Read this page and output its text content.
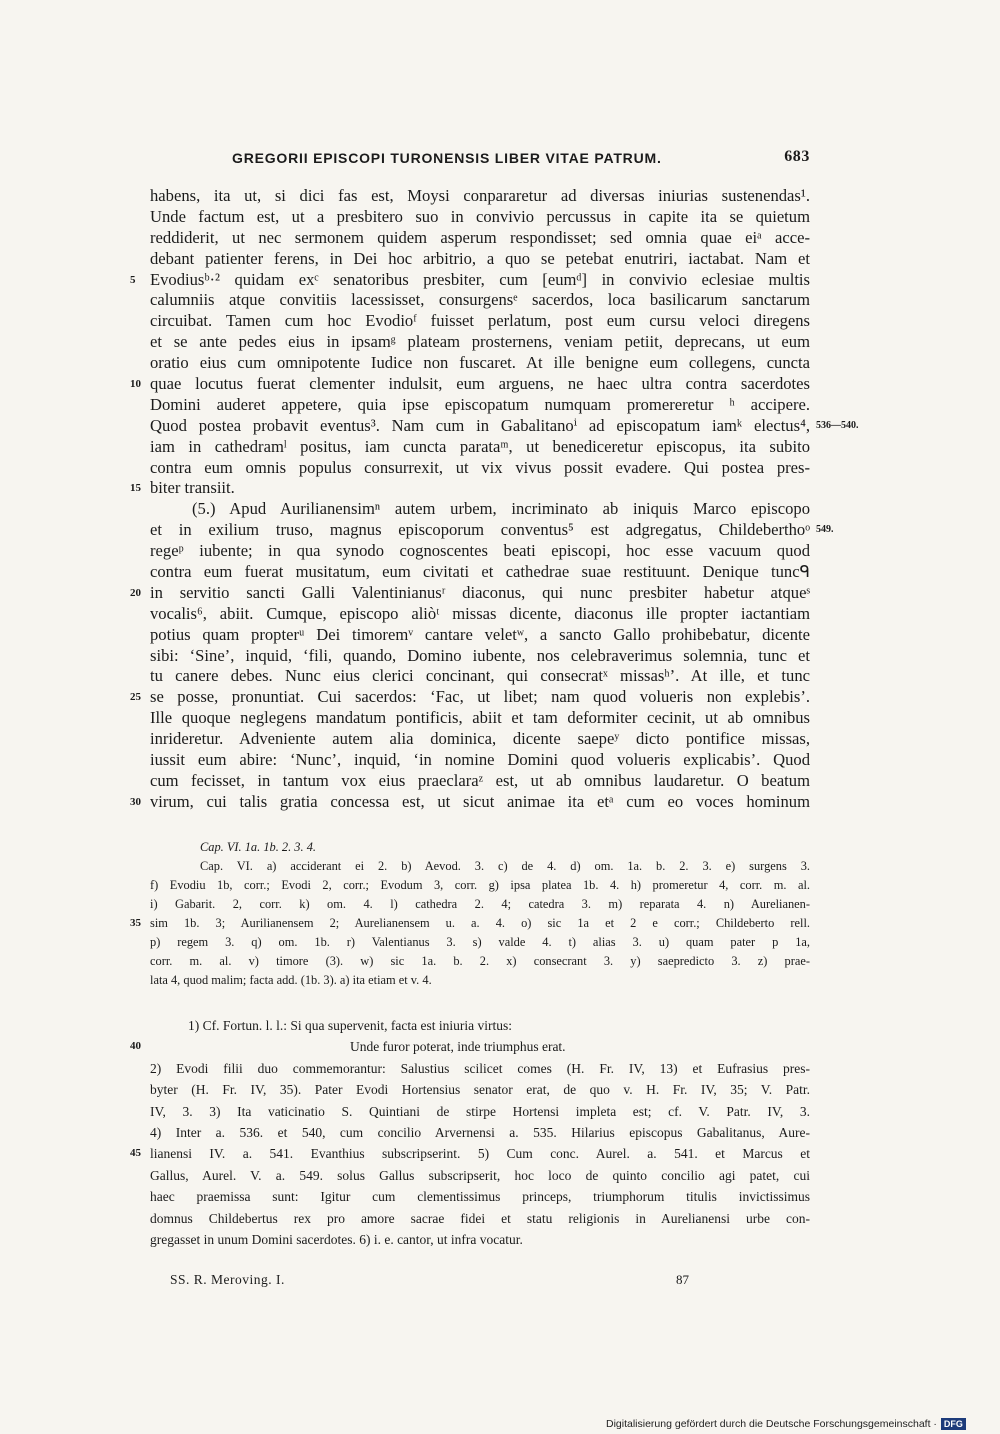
GREGORII EPISCOPI TURONENSIS LIBER VITAE PATRUM.	683
habens, ita ut, si dici fas est, Moysi conpararetur ad diversas iniurias sustenendas¹.
Unde factum est, ut a presbitero suo in convivio percussus in capite ita se quietum
reddiderit, ut nec sermonem quidem asperum respondisset; sed omnia quae eiᵃ acce-
debant patienter ferens, in Dei hoc arbitrio, a quo se petebat enutriri, iactabat. Nam et
5 Evodiusᵇ·² quidam exᶜ senatoribus presbiter, cum [eumᵈ] in convivio eclesiae multis
calumniis atque convitiis lacessisset, consurgensᵉ sacerdos, loca basilicarum sanctarum
circuibat. Tamen cum hoc Evodioᶠ fuisset perlatum, post eum cursu veloci diregens
et se ante pedes eius in ipsamᵍ plateam prosternens, veniam petiit, deprecans, ut eum
oratio eius cum omnipotente Iudice non fuscaret. At ille benigne eum collegens, cuncta
10 quae locutus fuerat clementer indulsit, eum arguens, ne haec ultra contra sacerdotes
Domini auderet appetere, quia ipse episcopatum numquam promereretur ʰ accipere.
Quod postea probavit eventus³. Nam cum in Gabalitanoⁱ ad episcopatum iamᵏ electus⁴, 536—540.
iam in cathedramˡ positus, iam cuncta parataᵐ, ut benediceretur episcopus, ita subito
contra eum omnis populus consurrexit, ut vix vivus possit evadere. Qui postea pres-
15 biter transiit.
(5.) Apud Aurilianensimⁿ autem urbem, incriminato ab iniquis Marco episcopo
et in exilium truso, magnus episcoporum conventus⁵ est adgregatus, Childeberthoᵒ 549.
regeᵖ iubente; in qua synodo cognoscentes beati episcopi, hoc esse vacuum quod
contra eum fuerat musitatum, eum civitati et cathedrae suae restituunt. Denique tuncᑫ
20 in servitio sancti Galli Valentinianusʳ diaconus, qui nunc presbiter habetur atqueˢ
vocalis⁶, abiit. Cumque, episcopo aliòᵗ missas dicente, diaconus ille propter iactantiam
potius quam propterᵘ Dei timoremᵛ cantare veletʷ, a sancto Gallo prohibebatur, dicente
sibi: ‘Sine’, inquid, ‘fili, quando, Domino iubente, nos celebraverimus solemnia, tunc et
tu canere debes. Nunc eius clerici concinant, qui consecratˣ missasʰ’. At ille, et tunc
25 se posse, pronuntiat. Cui sacerdos: ‘Fac, ut libet; nam quod volueris non explebis’.
Ille quoque neglegens mandatum pontificis, abiit et tam deformiter cecinit, ut ab omnibus
inrideretur. Adveniente autem alia dominica, dicente saepeʸ dicto pontifice missas,
iussit eum abire: ‘Nunc’, inquid, ‘in nomine Domini quod volueris explicabis’. Quod
cum fecisset, in tantum vox eius praeclaraᶻ est, ut ab omnibus laudaretur. O beatum
30 virum, cui talis gratia concessa est, ut sicut animae ita etᵃ cum eo voces hominum
Cap. VI. 1a. 1b. 2. 3. 4.
Cap. VI. a) acciderant ei 2. b) Aevod. 3. c) de 4. d) om. 1a. b. 2. 3. e) surgens 3.
f) Evodiu 1b, corr.; Evodi 2, corr.; Evodum 3, corr. g) ipsa platea 1b. 4. h) promeretur 4, corr. m. al.
i) Gabarit. 2, corr. k) om. 4. l) cathedra 2. 4; catedra 3. m) reparata 4. n) Aurelianen-
35 sim 1b. 3; Aurilianensem 2; Aurelianensem u. a. 4. o) sic 1a et 2 e corr.; Childeberto rell.
p) regem 3. q) om. 1b. r) Valentianus 3. s) valde 4. t) alias 3. u) quam pater p 1a,
corr. m. al. v) timore (3). w) sic 1a. b. 2. x) consecrant 3. y) saepredicto 3. z) prae-
lata 4, quod malim; facta add. (1b. 3). a) ita etiam et v. 4.
1) Cf. Fortun. l. l.: Si qua supervenit, facta est iniuria virtus:
40	Unde furor poterat, inde triumphus erat.
2) Evodi filii duo commemorantur: Salustius scilicet comes (H. Fr. IV, 13) et Eufrasius pres-
byter (H. Fr. IV, 35). Pater Evodi Hortensius senator erat, de quo v. H. Fr. IV, 35; V. Patr.
IV, 3. 3) Ita vaticinatio S. Quintiani de stirpe Hortensi impleta est; cf. V. Patr. IV, 3.
4) Inter a. 536. et 540, cum concilio Arvernensi a. 535. Hilarius episcopus Gabalitanus, Aure-
45 lianensi IV. a. 541. Evanthius subscripserint. 5) Cum conc. Aurel. a. 541. et Marcus et
Gallus, Aurel. V. a. 549. solus Gallus subscripserit, hoc loco de quinto concilio agi patet, cui
haec praemissa sunt: Igitur cum clementissimus princeps, triumphorum titulis invictissimus
domnus Childebertus rex pro amore sacrae fidei et statu religionis in Aurelianensi urbe con-
gregasset in unum Domini sacerdotes. 6) i. e. cantor, ut infra vocatur.
SS. R. Meroving. I.	87
Digitalisierung gefördert durch die Deutsche Forschungsgemeinschaft · DFG
